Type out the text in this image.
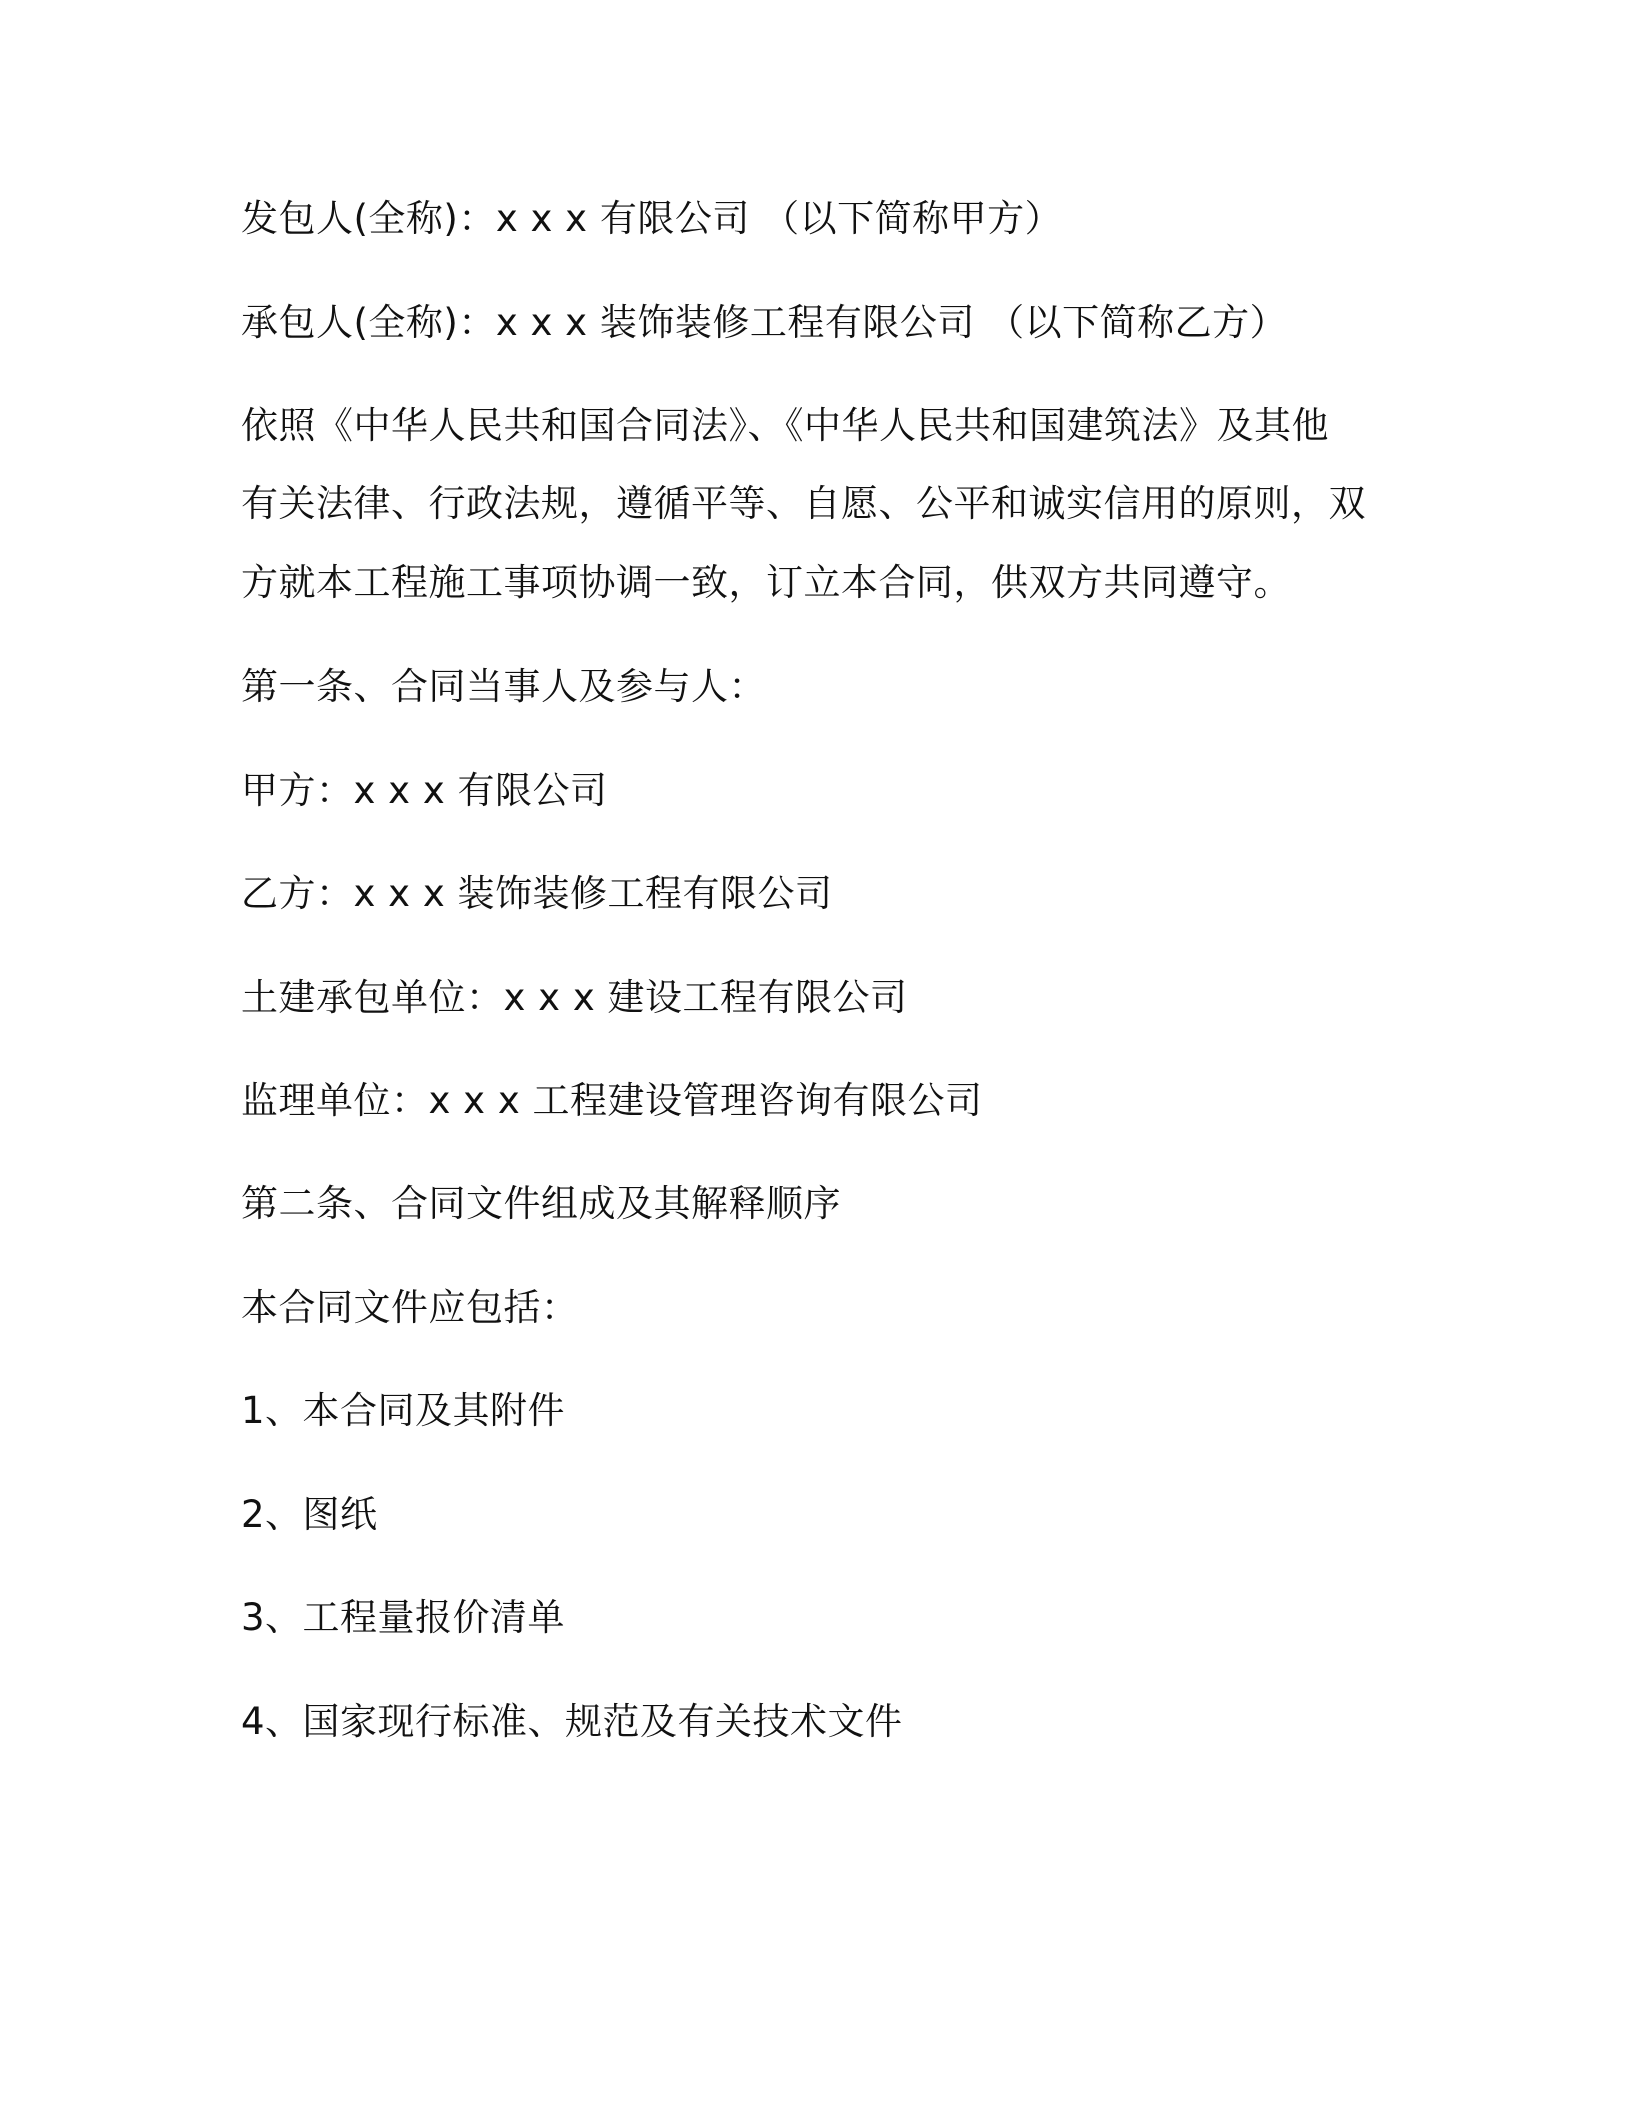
发包人(全称)：x x x 有限公司 （以下简称甲方）
承包人(全称)：x x x 装饰装修工程有限公司 （以下简称乙方）
依照《中华人民共和国合同法》、《中华人民共和国建筑法》及其他
有关法律、行政法规，遵循平等、自愿、公平和诚实信用的原则，双
方就本工程施工事项协调一致，订立本合同，供双方共同遵守。
第一条、合同当事人及参与人：
甲方：x x x 有限公司
乙方：x x x 装饰装修工程有限公司
土建承包单位：x x x 建设工程有限公司
监理单位：x x x 工程建设管理咨询有限公司
第二条、合同文件组成及其解释顺序
本合同文件应包括：
1、本合同及其附件
2、图纸
3、工程量报价清单
4、国家现行标准、规范及有关技术文件
